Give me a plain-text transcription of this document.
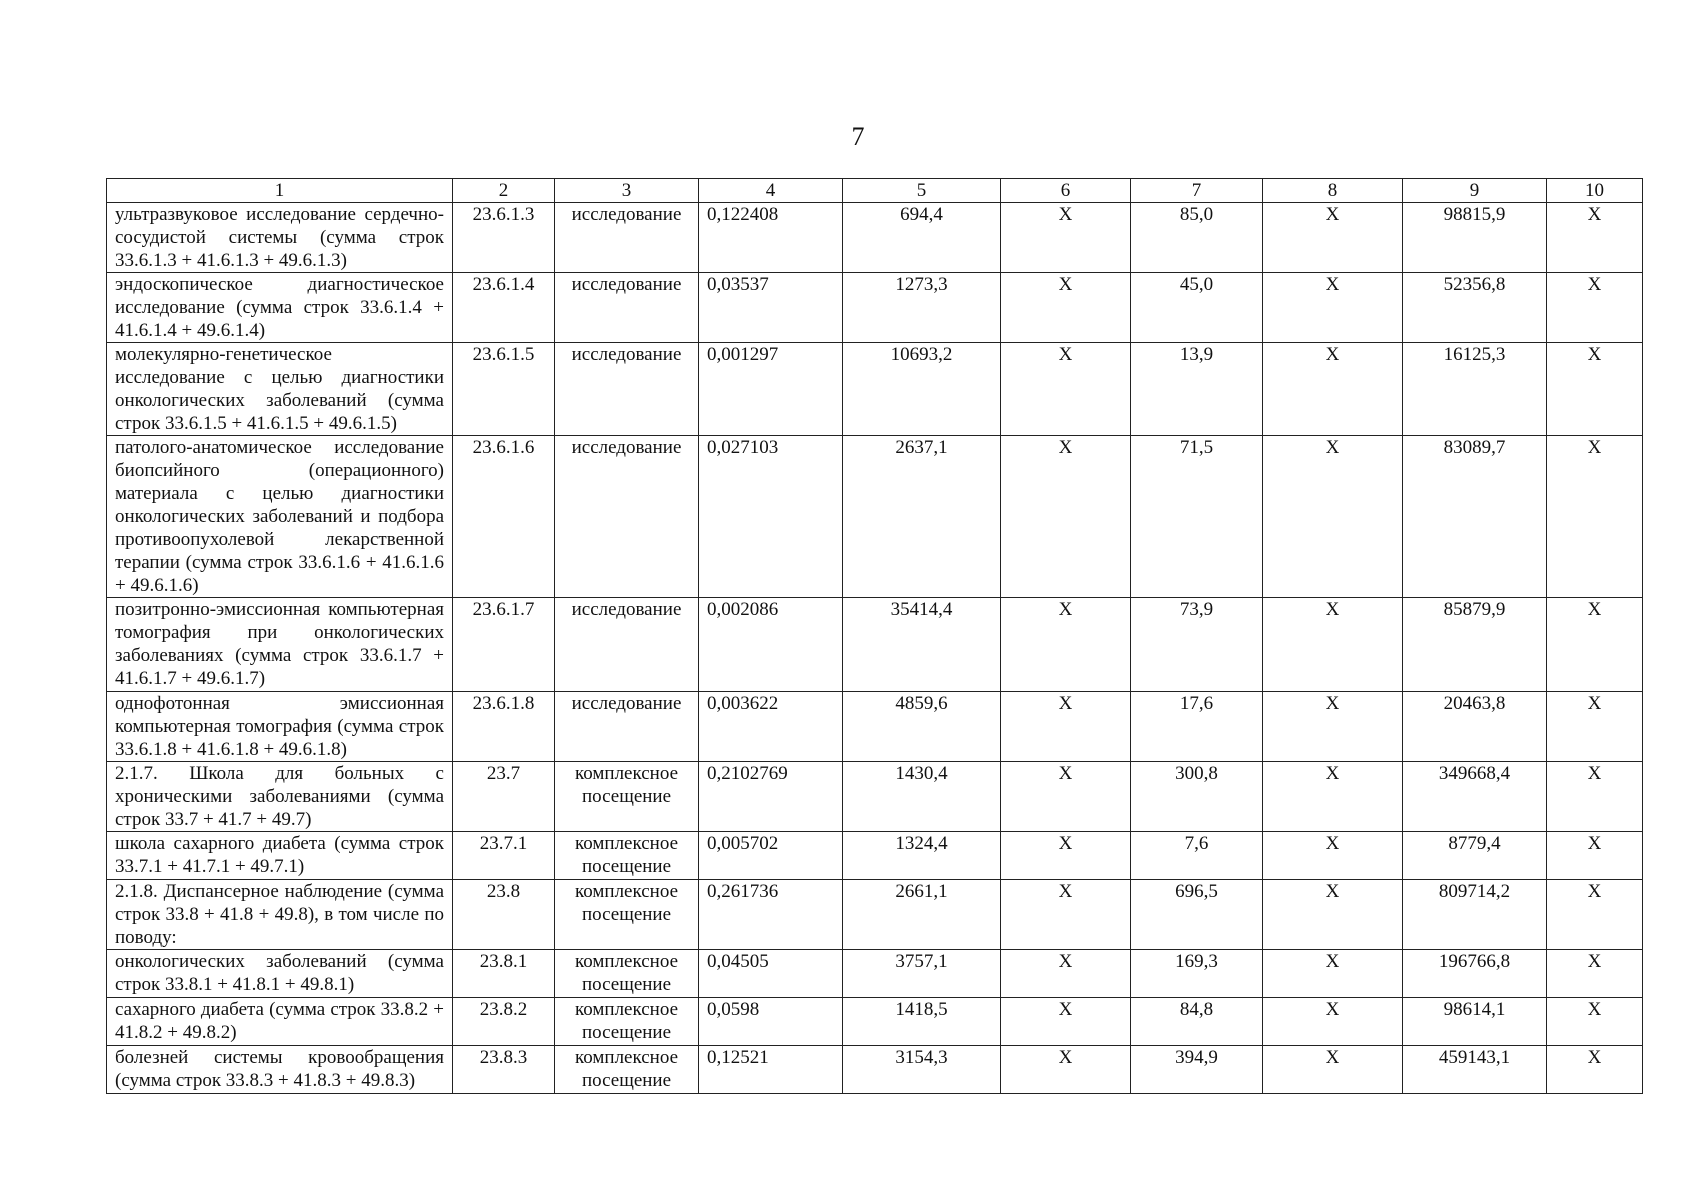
7
1	2	3	4	5	6	7	8	9	10
ультразвуковое исследование сердечно-сосудистой системы (сумма строк 33.6.1.3 + 41.6.1.3 + 49.6.1.3)	23.6.1.3	исследование	0,122408	694,4	Х	85,0	Х	98815,9	Х
эндоскопическое диагностическое исследование (сумма строк 33.6.1.4 + 41.6.1.4 + 49.6.1.4)	23.6.1.4	исследование	0,03537	1273,3	Х	45,0	Х	52356,8	Х
молекулярно-генетическое исследование с целью диагностики онкологических заболеваний (сумма строк 33.6.1.5 + 41.6.1.5 + 49.6.1.5)	23.6.1.5	исследование	0,001297	10693,2	Х	13,9	Х	16125,3	Х
патолого-анатомическое исследование биопсийного (операционного) материала с целью диагностики онкологических заболеваний и подбора противоопухолевой лекарственной терапии (сумма строк 33.6.1.6 + 41.6.1.6 + 49.6.1.6)	23.6.1.6	исследование	0,027103	2637,1	Х	71,5	Х	83089,7	Х
позитронно-эмиссионная компьютерная томография при онкологических заболеваниях (сумма строк 33.6.1.7 + 41.6.1.7 + 49.6.1.7)	23.6.1.7	исследование	0,002086	35414,4	Х	73,9	Х	85879,9	Х
однофотонная эмиссионная компьютерная томография (сумма строк 33.6.1.8 + 41.6.1.8 + 49.6.1.8)	23.6.1.8	исследование	0,003622	4859,6	Х	17,6	Х	20463,8	Х
2.1.7. Школа для больных с хроническими заболеваниями (сумма строк 33.7 + 41.7 + 49.7)	23.7	комплексное посещение	0,2102769	1430,4	Х	300,8	Х	349668,4	Х
школа сахарного диабета (сумма строк 33.7.1 + 41.7.1 + 49.7.1)	23.7.1	комплексное посещение	0,005702	1324,4	Х	7,6	Х	8779,4	Х
2.1.8. Диспансерное наблюдение (сумма строк 33.8 + 41.8 + 49.8), в том числе по поводу:	23.8	комплексное посещение	0,261736	2661,1	Х	696,5	Х	809714,2	Х
онкологических заболеваний (сумма строк 33.8.1 + 41.8.1 + 49.8.1)	23.8.1	комплексное посещение	0,04505	3757,1	Х	169,3	Х	196766,8	Х
сахарного диабета (сумма строк 33.8.2 + 41.8.2 + 49.8.2)	23.8.2	комплексное посещение	0,0598	1418,5	Х	84,8	Х	98614,1	Х
болезней системы кровообращения (сумма строк 33.8.3 + 41.8.3 + 49.8.3)	23.8.3	комплексное посещение	0,12521	3154,3	Х	394,9	Х	459143,1	Х
